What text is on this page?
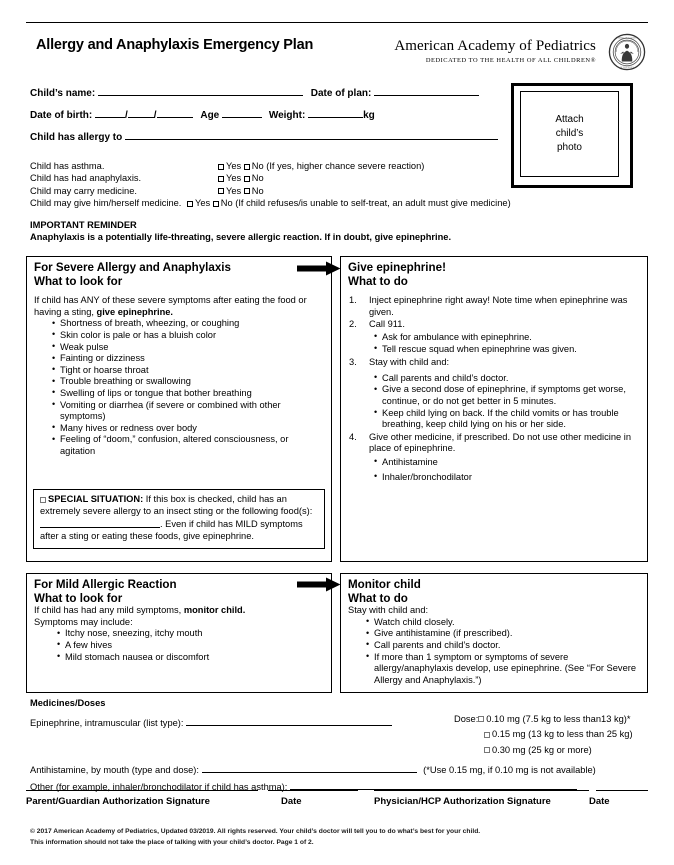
Allergy and Anaphylaxis Emergency Plan	American Academy of Pediatrics
DEDICATED TO THE HEALTH OF ALL CHILDREN®
AMERICAN ACADEMY
OF PEDIATRICS
Attach
child’s
photo
Child’s name:	Date of plan:
Date of birth:	/	/	Age	Weight:	kg
Child has allergy to
Child has asthma.	Yes No (If yes, higher chance severe reaction)
Child has had anaphylaxis.	Yes No
Child may carry medicine.	Yes No
Child may give him/herself medicine. Yes No (If child refuses/is unable to self-treat, an adult must give medicine)
IMPORTANT REMINDER
Anaphylaxis is a potentially life-threating, severe allergic reaction. If in doubt, give epinephrine.
For Severe Allergy and Anaphylaxis
What to look for
If child has ANY of these severe symptoms after eating the food or having a sting, give epinephrine.
• Shortness of breath, wheezing, or coughing
• Skin color is pale or has a bluish color
• Weak pulse
• Fainting or dizziness
• Tight or hoarse throat
• Trouble breathing or swallowing
• Swelling of lips or tongue that bother breathing
• Vomiting or diarrhea (if severe or combined with other symptoms)
• Many hives or redness over body
• Feeling of “doom,” confusion, altered consciousness, or agitation
SPECIAL SITUATION: If this box is checked, child has an extremely severe allergy to an insect sting or the following food(s): . Even if child has MILD symptoms after a sting or eating these foods, give epinephrine.
Give epinephrine!
What to do
1. Inject epinephrine right away! Note time when epinephrine was given.
2. Call 911.
• Ask for ambulance with epinephrine.
• Tell rescue squad when epinephrine was given.
3. Stay with child and:
• Call parents and child’s doctor.
• Give a second dose of epinephrine, if symptoms get worse, continue, or do not get better in 5 minutes.
• Keep child lying on back. If the child vomits or has trouble breathing, keep child lying on his or her side.
4. Give other medicine, if prescribed. Do not use other medicine in place of epinephrine.
• Antihistamine
• Inhaler/bronchodilator
For Mild Allergic Reaction
What to look for
If child has had any mild symptoms, monitor child.
Symptoms may include:
• Itchy nose, sneezing, itchy mouth
• A few hives
• Mild stomach nausea or discomfort
Monitor child
What to do
Stay with child and:
• Watch child closely.
• Give antihistamine (if prescribed).
• Call parents and child’s doctor.
• If more than 1 symptom or symptoms of severe allergy/anaphylaxis develop, use epinephrine. (See “For Severe Allergy and Anaphylaxis.”)
Medicines/Doses
Epinephrine, intramuscular (list type):	Dose: 0.10 mg (7.5 kg to less than13 kg)*
0.15 mg (13 kg to less than 25 kg)
0.30 mg (25 kg or more)
Antihistamine, by mouth (type and dose):	(*Use 0.15 mg, if 0.10 mg is not available)
Other (for example, inhaler/bronchodilator if child has asthma):
Parent/Guardian Authorization Signature	Date	Physician/HCP Authorization Signature	Date
© 2017 American Academy of Pediatrics, Updated 03/2019. All rights reserved. Your child’s doctor will tell you to do what’s best for your child.
This information should not take the place of talking with your child’s doctor. Page 1 of 2.
